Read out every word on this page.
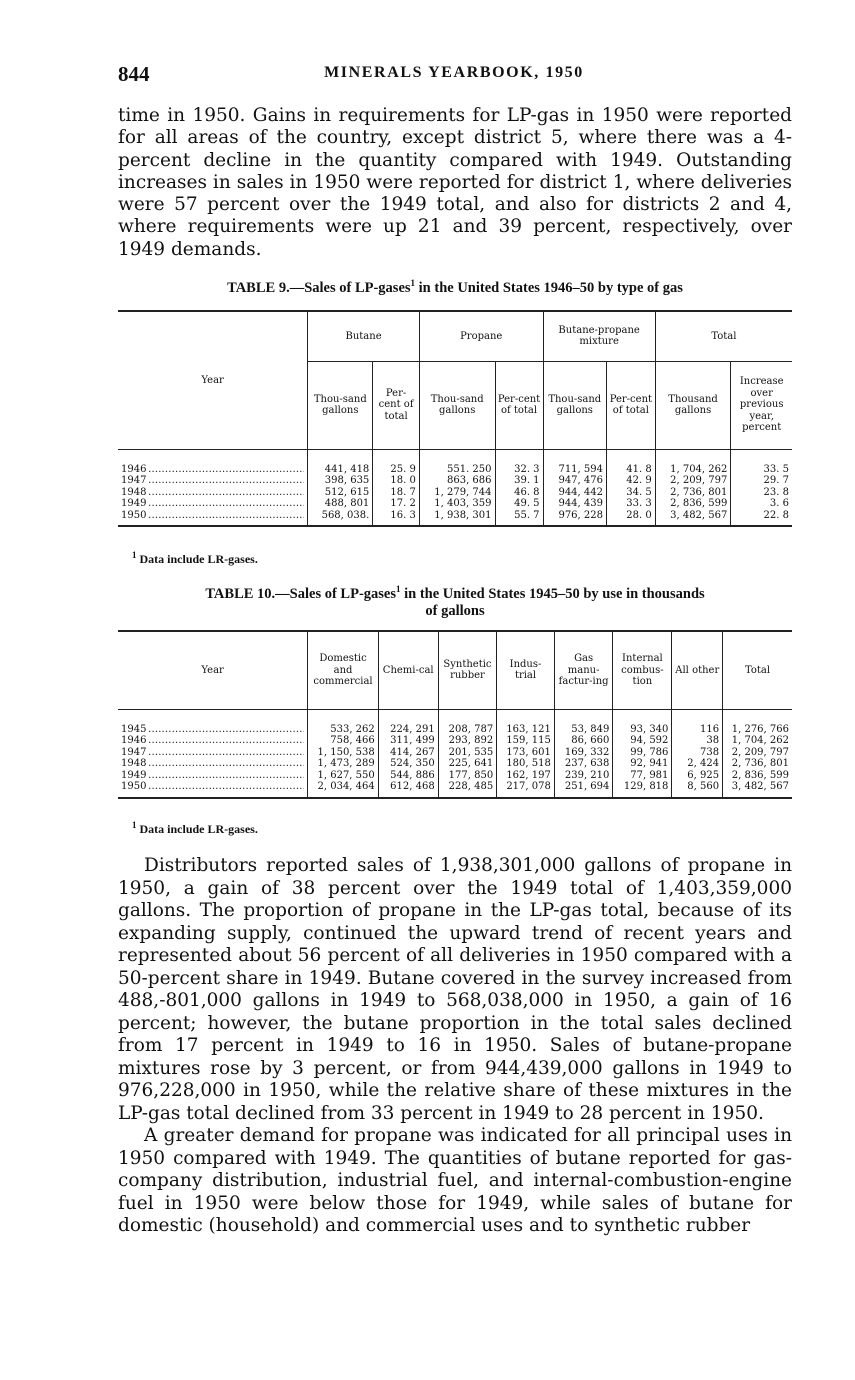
844	MINERALS YEARBOOK, 1950

time in 1950. Gains in requirements for LP-gas in 1950 were reported for all areas of the country, except district 5, where there was a 4-percent decline in the quantity compared with 1949. Outstanding increases in sales in 1950 were reported for district 1, where deliveries were 57 percent over the 1949 total, and also for districts 2 and 4, where requirements were up 21 and 39 percent, respectively, over 1949 demands.

TABLE 9.—Sales of LP-gases$^1$ in the United States 1946–50 by type of gas
Year	Butane		Propane		Butane-propane mixture		Total	
	Thou-sand gallons	Per-cent of total	Thou-sand gallons	Per-cent of total	Thou-sand gallons	Per-cent of total	Thousand gallons	Increase over previous year, percent

1946 . . .	441, 418	25. 9	551. 250	32. 3	711, 594	41. 8	1, 704, 262	33. 5

1947 . . .	398, 635	18. 0	863, 686	39. 1	947, 476	42. 9	2, 209, 797	29. 7

1948 . . .	512, 615	18. 7	1, 279, 744	46. 8	944, 442	34. 5	2, 736, 801	23. 8

1949 . . .	488, 801	17. 2	1, 403, 359	49. 5	944, 439	33. 3	2, 836, 599	3. 6

1950 . . .	568, 038.	16. 3	1, 938, 301	55. 7	976, 228	28. 0	3, 482, 567	22. 8
$^1$ Data include LR-gases.
TABLE 10.—Sales of LP-gases$^1$ in the United States 1945–50 by use in thousands
of gallons
Year	Domestic and commercial	Chemi-cal	Synthetic rubber	Indus-trial	Gas manu-factur-ing	Internal combus-tion	All other	Total

1945 . . .	533, 262	224, 291	208, 787	163, 121	53, 849	93, 340	116	1, 276, 766

1946 . . .	758, 466	311, 499	293, 892	159, 115	86, 660	94, 592	38	1, 704, 262

1947 . . .	1, 150, 538	414, 267	201, 535	173, 601	169, 332	99, 786	738	2, 209, 797

1948 . . .	1, 473, 289	524, 350	225, 641	180, 518	237, 638	92, 941	2, 424	2, 736, 801

1949 . . .	1, 627, 550	544, 886	177, 850	162, 197	239, 210	77, 981	6, 925	2, 836, 599

1950 . . .	2, 034, 464	612, 468	228, 485	217, 078	251, 694	129, 818	8, 560	3, 482, 567
$^1$ Data include LR-gases.

Distributors reported sales of 1,938,301,000 gallons of propane in 1950, a gain of 38 percent over the 1949 total of 1,403,359,000 gallons. The proportion of propane in the LP-gas total, because of its expanding supply, continued the upward trend of recent years and represented about 56 percent of all deliveries in 1950 compared with a 50-percent share in 1949. Butane covered in the survey increased from 488,-801,000 gallons in 1949 to 568,038,000 in 1950, a gain of 16 percent; however, the butane proportion in the total sales declined from 17 percent in 1949 to 16 in 1950. Sales of butane-propane mixtures rose by 3 percent, or from 944,439,000 gallons in 1949 to 976,228,000 in 1950, while the relative share of these mixtures in the LP-gas total declined from 33 percent in 1949 to 28 percent in 1950.

A greater demand for propane was indicated for all principal uses in 1950 compared with 1949. The quantities of butane reported for gas-company distribution, industrial fuel, and internal-combustion-engine fuel in 1950 were below those for 1949, while sales of butane for domestic (household) and commercial uses and to synthetic rubber
